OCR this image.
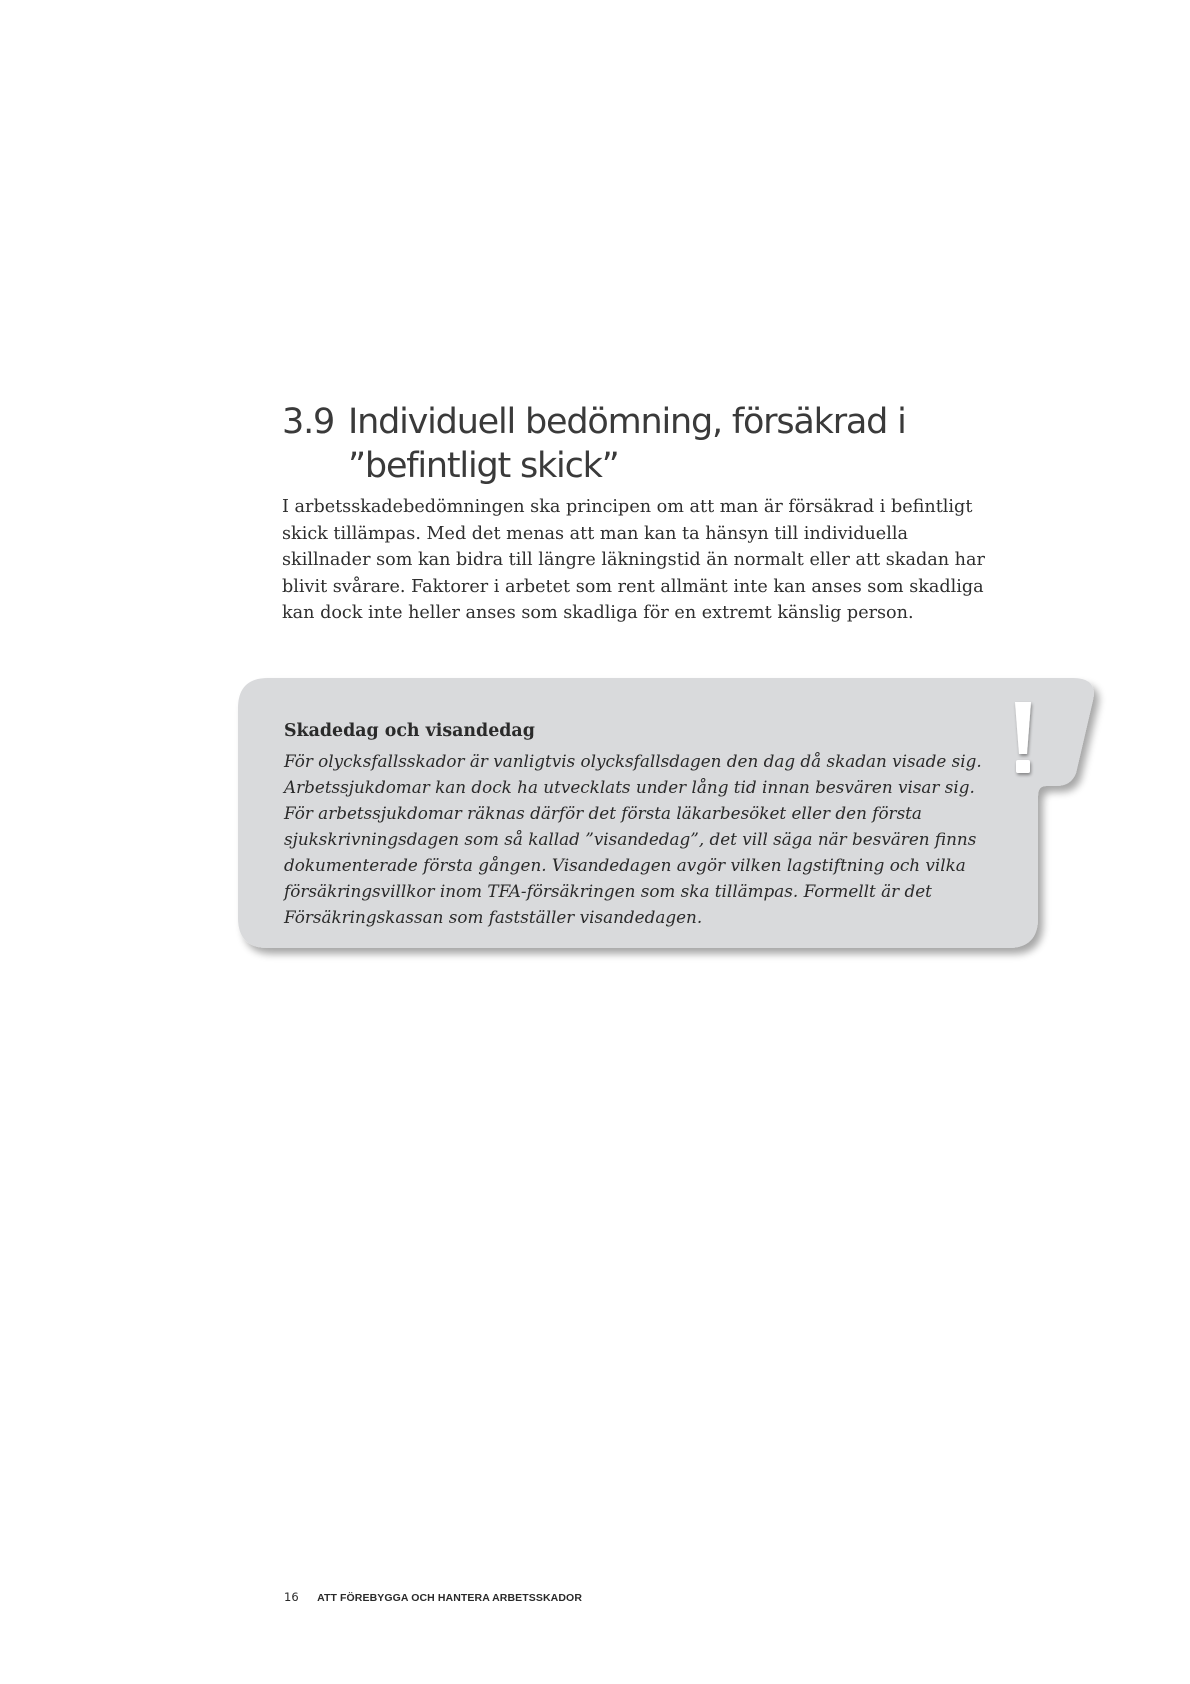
3.9 Individuell bedömning, försäkrad i ”befintligt skick”

I arbetsskadebedömningen ska principen om att man är försäkrad i befintligt skick tillämpas. Med det menas att man kan ta hänsyn till individuella skillnader som kan bidra till längre läkningstid än normalt eller att skadan har blivit svårare. Faktorer i arbetet som rent allmänt inte kan anses som skadliga kan dock inte heller anses som skadliga för en extremt känslig person.

Skadedag och visandedag

För olycksfallsskador är vanligtvis olycksfallsdagen den dag då skadan visade sig. Arbetssjukdomar kan dock ha utvecklats under lång tid innan besvären visar sig. För arbetssjukdomar räknas därför det första läkarbesöket eller den första sjukskrivningsdagen som så kallad ”visandedag”, det vill säga när besvären finns dokumenterade första gången. Visandedagen avgör vilken lagstiftning och vilka försäkringsvillkor inom TFA-försäkringen som ska tillämpas. Formellt är det Försäkringskassan som fastställer visandedagen.

16 ATT FÖREBYGGA OCH HANTERA ARBETSSKADOR
